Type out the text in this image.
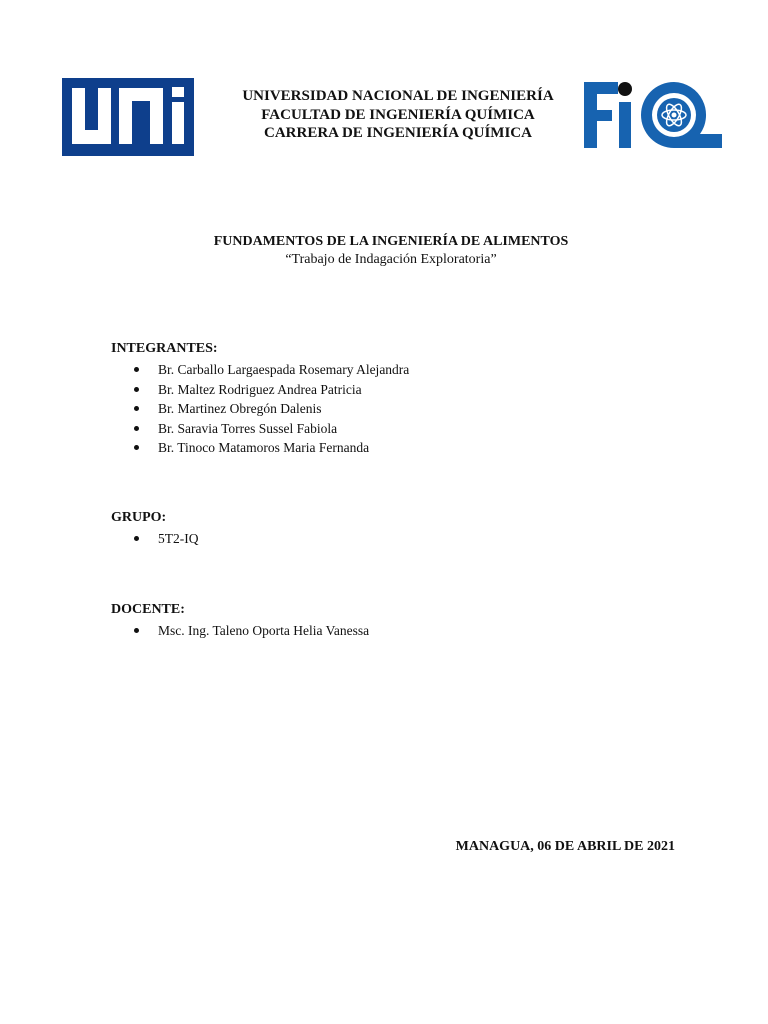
UNIVERSIDAD NACIONAL DE INGENIERÍA
FACULTAD DE INGENIERÍA QUÍMICA
CARRERA DE INGENIERÍA QUÍMICA
FUNDAMENTOS DE LA INGENIERÍA DE ALIMENTOS
“Trabajo de Indagación Exploratoria”

INTEGRANTES:

Br. Carballo Largaespada Rosemary Alejandra
Br. Maltez Rodriguez Andrea Patricia
Br. Martinez Obregón Dalenis
Br. Saravia Torres Sussel Fabiola
Br. Tinoco Matamoros Maria Fernanda

GRUPO:

5T2-IQ

DOCENTE:

Msc. Ing. Taleno Oporta Helia Vanessa
MANAGUA, 06 DE ABRIL DE 2021
